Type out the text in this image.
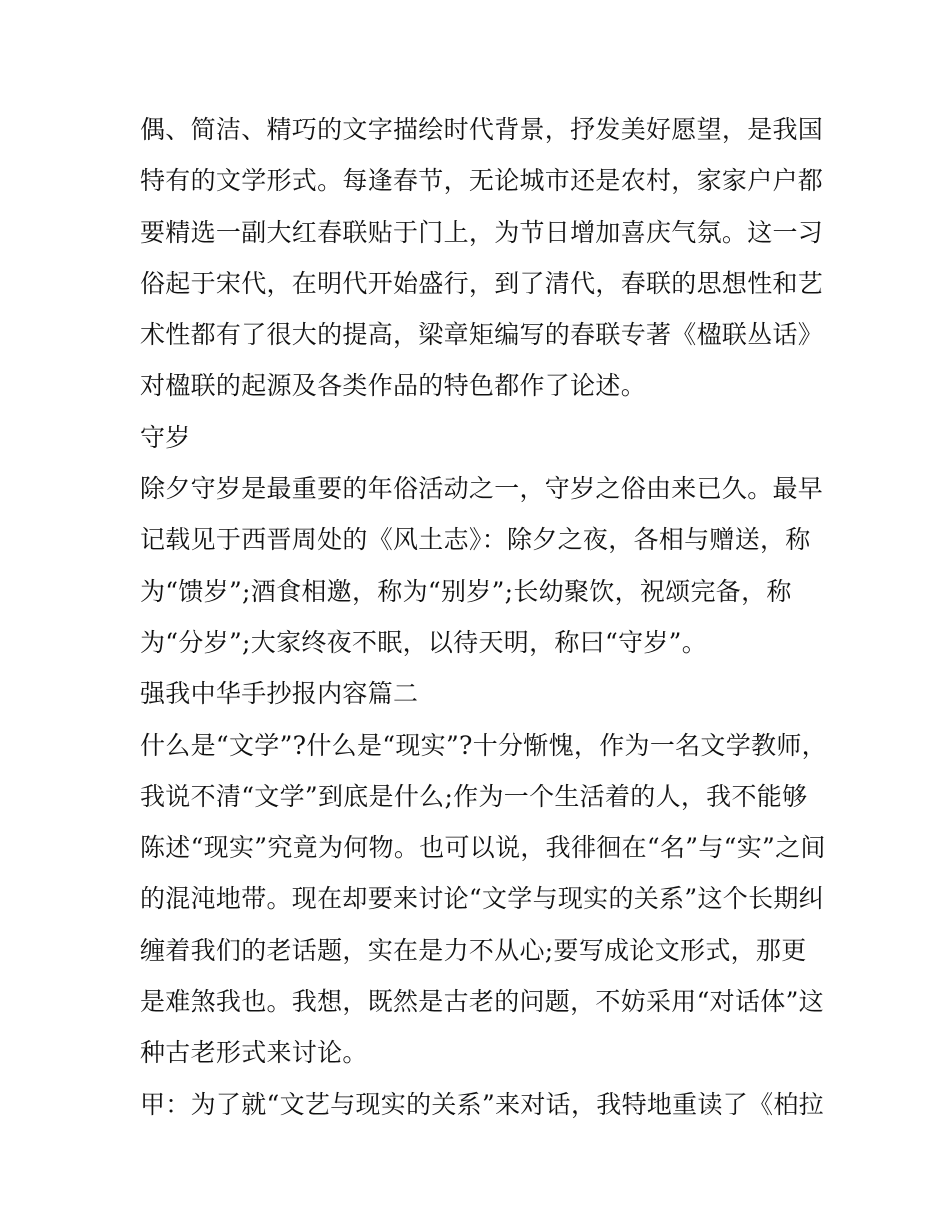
偶、简洁、精巧的文字描绘时代背景，抒发美好愿望，是我国
特有的文学形式。每逢春节，无论城市还是农村，家家户户都
要精选一副大红春联贴于门上，为节日增加喜庆气氛。这一习
俗起于宋代，在明代开始盛行，到了清代，春联的思想性和艺
术性都有了很大的提高，梁章矩编写的春联专著《楹联丛话》
对楹联的起源及各类作品的特色都作了论述。
守岁
除夕守岁是最重要的年俗活动之一，守岁之俗由来已久。最早
记载见于西晋周处的《风土志》：除夕之夜，各相与赠送，称
为“馈岁”;酒食相邀，称为“别岁”;长幼聚饮，祝颂完备，称
为“分岁”;大家终夜不眠，以待天明，称曰“守岁”。
强我中华手抄报内容篇二
什么是“文学”?什么是“现实”?十分惭愧，作为一名文学教师，
我说不清“文学”到底是什么;作为一个生活着的人，我不能够
陈述“现实”究竟为何物。也可以说，我徘徊在“名”与“实”之间
的混沌地带。现在却要来讨论“文学与现实的关系”这个长期纠
缠着我们的老话题，实在是力不从心;要写成论文形式，那更
是难煞我也。我想，既然是古老的问题，不妨采用“对话体”这
种古老形式来讨论。
甲：为了就“文艺与现实的关系”来对话，我特地重读了《柏拉
